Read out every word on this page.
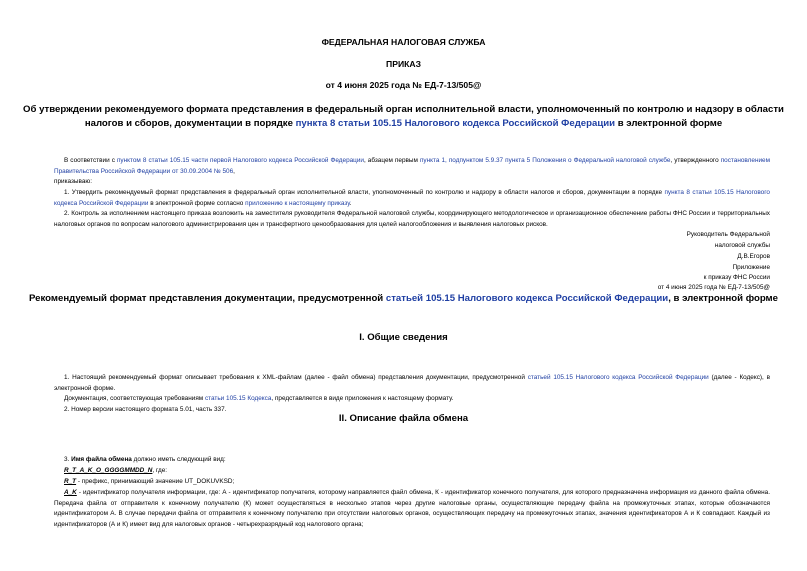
ФЕДЕРАЛЬНАЯ НАЛОГОВАЯ СЛУЖБА
ПРИКАЗ
от 4 июня 2025 года № ЕД-7-13/505@
Об утверждении рекомендуемого формата представления в федеральный орган исполнительной власти, уполномоченный по контролю и надзору в области
налогов и сборов, документации в порядке пункта 8 статьи 105.15 Налогового кодекса Российской Федерации в электронной форме
В соответствии с пунктом 8 статьи 105.15 части первой Налогового кодекса Российской Федерации, абзацем первым пункта 1, подпунктом 5.9.37 пункта 5 Положения о Федеральной налоговой службе, утвержденного постановлением Правительства Российской Федерации от 30.09.2004 № 506,
приказываю:
1. Утвердить рекомендуемый формат представления в федеральный орган исполнительной власти, уполномоченный по контролю и надзору в области налогов и сборов, документации в порядке пункта 8 статьи 105.15 Налогового кодекса Российской Федерации в электронной форме согласно приложению к настоящему приказу.
2. Контроль за исполнением настоящего приказа возложить на заместителя руководителя Федеральной налоговой службы, координирующего методологическое и организационное обеспечение работы ФНС России и территориальных налоговых органов по вопросам налогового администрирования цен и трансфертного ценообразования для целей налогообложения и выявления налоговых рисков.
Руководитель Федеральной
налоговой службы
Д.В.Егоров
Приложение
к приказу ФНС России
от 4 июня 2025 года № ЕД-7-13/505@
Рекомендуемый формат представления документации, предусмотренной статьей 105.15 Налогового кодекса Российской Федерации, в электронной форме
I. Общие сведения
1. Настоящий рекомендуемый формат описывает требования к XML-файлам (далее - файл обмена) представления документации, предусмотренной статьей 105.15 Налогового кодекса Российской Федерации (далее - Кодекс), в электронной форме.
Документация, соответствующая требованиям статьи 105.15 Кодекса, представляется в виде приложения к настоящему формату.
2. Номер версии настоящего формата 5.01, часть 337.
II. Описание файла обмена
3. Имя файла обмена должно иметь следующий вид:
R_T_A_K_O_GGGGMMDD_N, где:
R_T - префикс, принимающий значение UT_DOKUVKSD;
A_K - идентификатор получателя информации, где: А - идентификатор получателя, которому направляется файл обмена, К - идентификатор конечного получателя, для которого предназначена информация из данного файла обмена. Передача файла от отправителя к конечному получателю (К) может осуществляться в несколько этапов через другие налоговые органы, осуществляющие передачу файла на промежуточных этапах, которые обозначаются идентификатором А. В случае передачи файла от отправителя к конечному получателю при отсутствии налоговых органов, осуществляющих передачу на промежуточных этапах, значения идентификаторов А и К совпадают. Каждый из идентификаторов (А и К) имеет вид для налоговых органов - четырехразрядный код налогового органа;
